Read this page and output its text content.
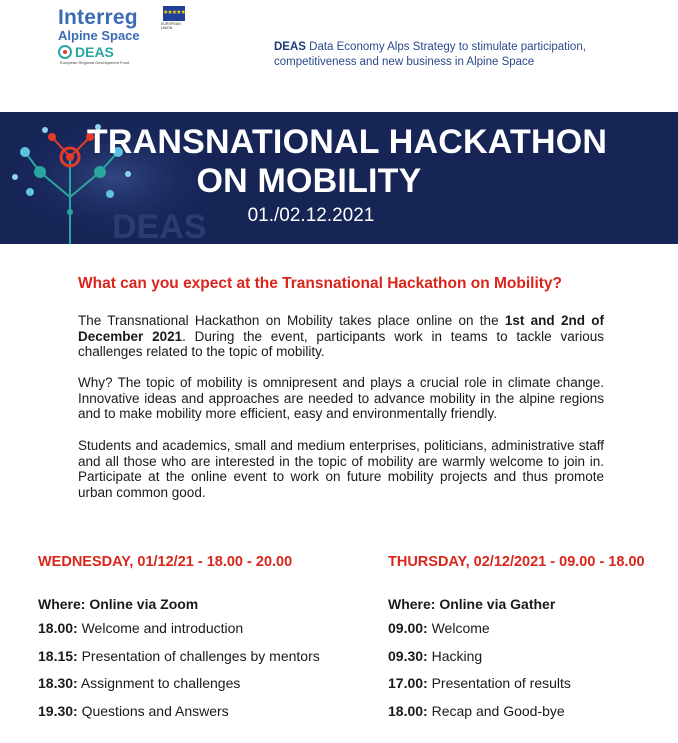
Interreg	★★★★★
EUROPEAN UNION
Alpine Space
DEAS
European Regional Development Fund
DEAS Data Economy Alps Strategy to stimulate participation, competitiveness and new business in Alpine Space
DEAS
TRANSNATIONAL HACKATHON
ON MOBILITY
01./02.12.2021
What can you expect at the Transnational Hackathon on Mobility?
The Transnational Hackathon on Mobility takes place online on the 1st and 2nd of December 2021. During the event, participants work in teams to tackle various challenges related to the topic of mobility.
Why? The topic of mobility is omnipresent and plays a crucial role in climate change. Innovative ideas and approaches are needed to advance mobility in the alpine regions and to make mobility more efficient, easy and environmentally friendly.
Students and academics, small and medium enterprises, politicians, administrative staff and all those who are interested in the topic of mobility are warmly welcome to join in. Participate at the online event to work on future mobility projects and thus promote urban common good.
WEDNESDAY, 01/12/21 - 18.00 - 20.00
Where: Online via Zoom
18.00: Welcome and introduction
18.15: Presentation of challenges by mentors
18.30: Assignment to challenges
19.30: Questions and Answers
THURSDAY, 02/12/2021 - 09.00 - 18.00
Where: Online via Gather
09.00: Welcome
09.30: Hacking
17.00: Presentation of results
18.00: Recap and Good-bye
